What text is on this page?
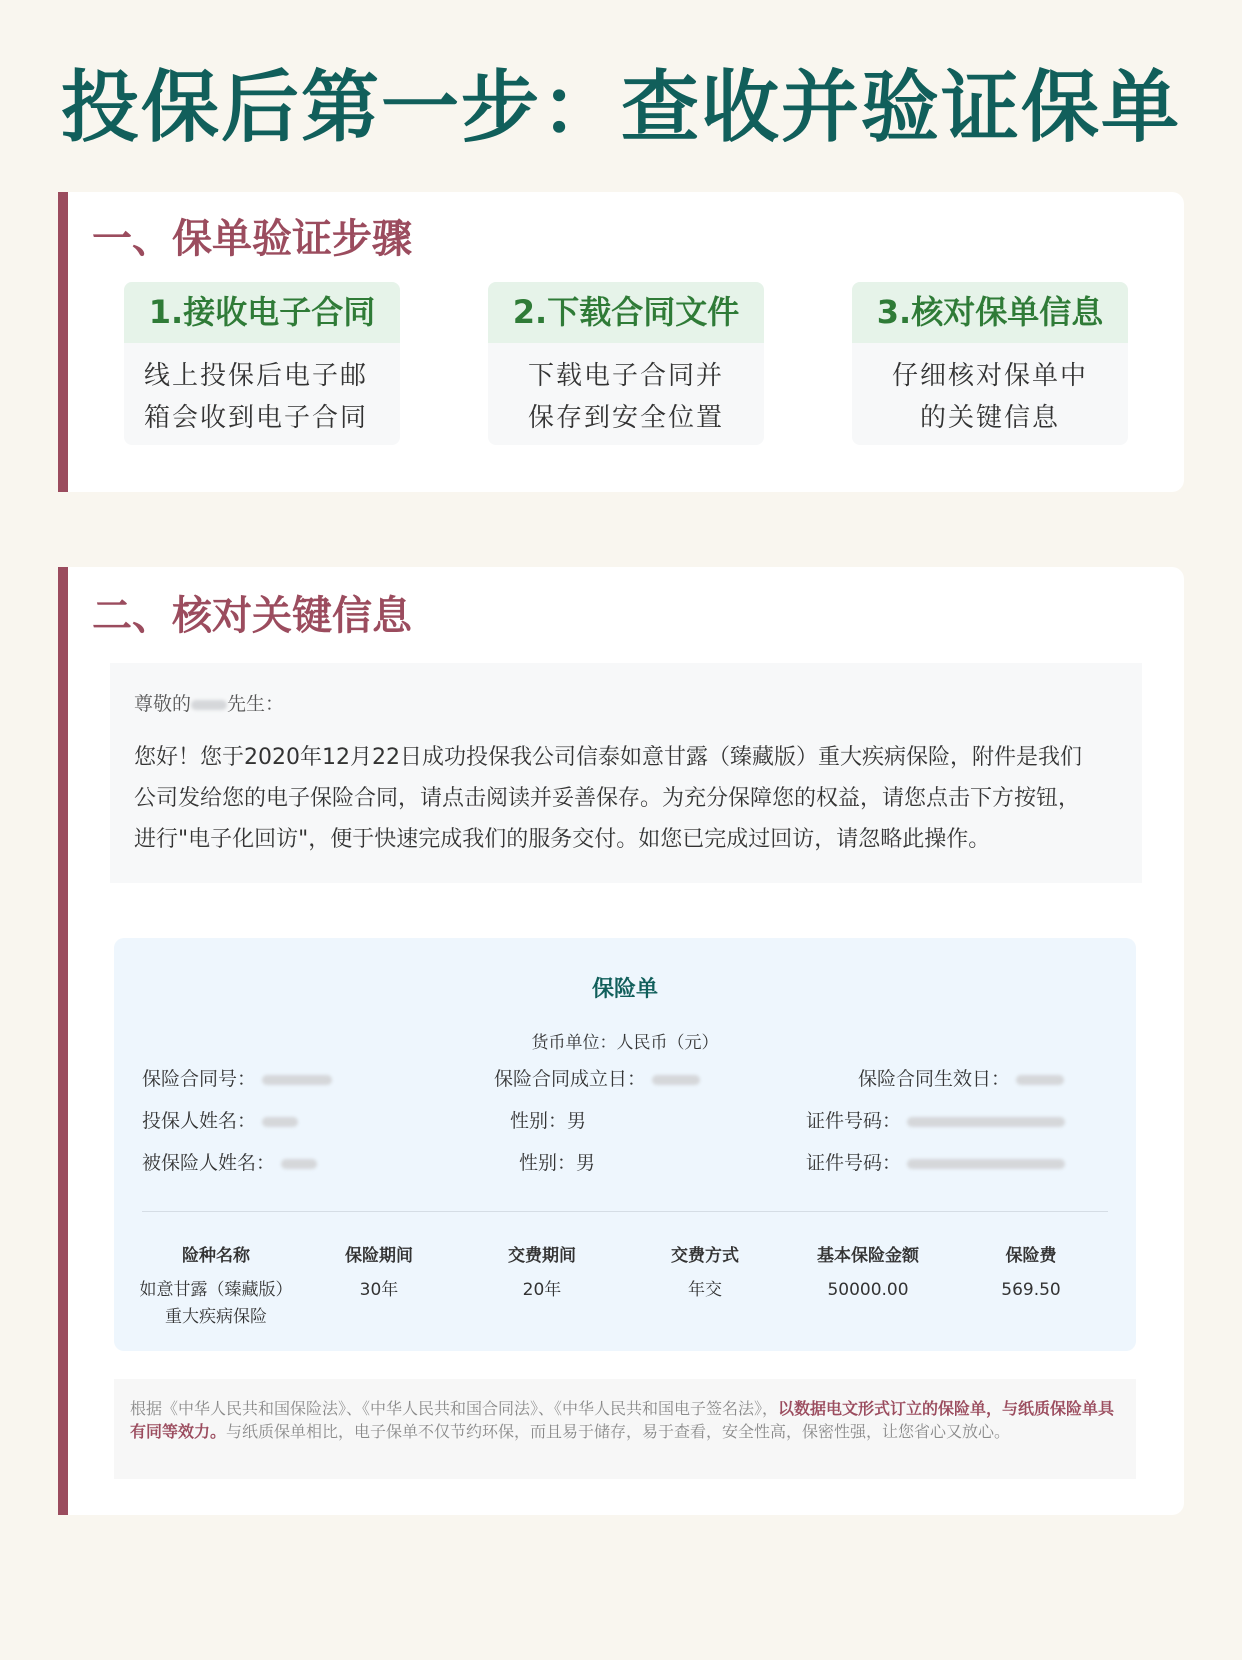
投保后第一步：查收并验证保单
一、保单验证步骤
1.接收电子合同
线上投保后电子邮
箱会收到电子合同
2.下载合同文件
下载电子合同并
保存到安全位置
3.核对保单信息
仔细核对保单中
的关键信息
二、核对关键信息
尊敬的 先生：
您好！您于2020年12月22日成功投保我公司信泰如意甘露（臻藏版）重大疾病保险，附件是我们
公司发给您的电子保险合同，请点击阅读并妥善保存。为充分保障您的权益，请您点击下方按钮，
进行"电子化回访"，便于快速完成我们的服务交付。如您已完成过回访，请忽略此操作。
保险单
货币单位：人民币（元）
保险合同号：	保险合同成立日：	保险合同生效日：
投保人姓名：	性别：男	证件号码：
被保险人姓名：	性别：男	证件号码：
险种名称	保险期间	交费期间	交费方式	基本保险金额	保险费
如意甘露（臻藏版）
重大疾病保险
30年	20年	年交	50000.00	569.50
根据《中华人民共和国保险法》、《中华人民共和国合同法》、《中华人民共和国电子签名法》，以数据电文形式订立的保险单，与纸质保险单具有同等效力。与纸质保单相比，电子保单不仅节约环保，而且易于储存，易于查看，安全性高，保密性强，让您省心又放心。
